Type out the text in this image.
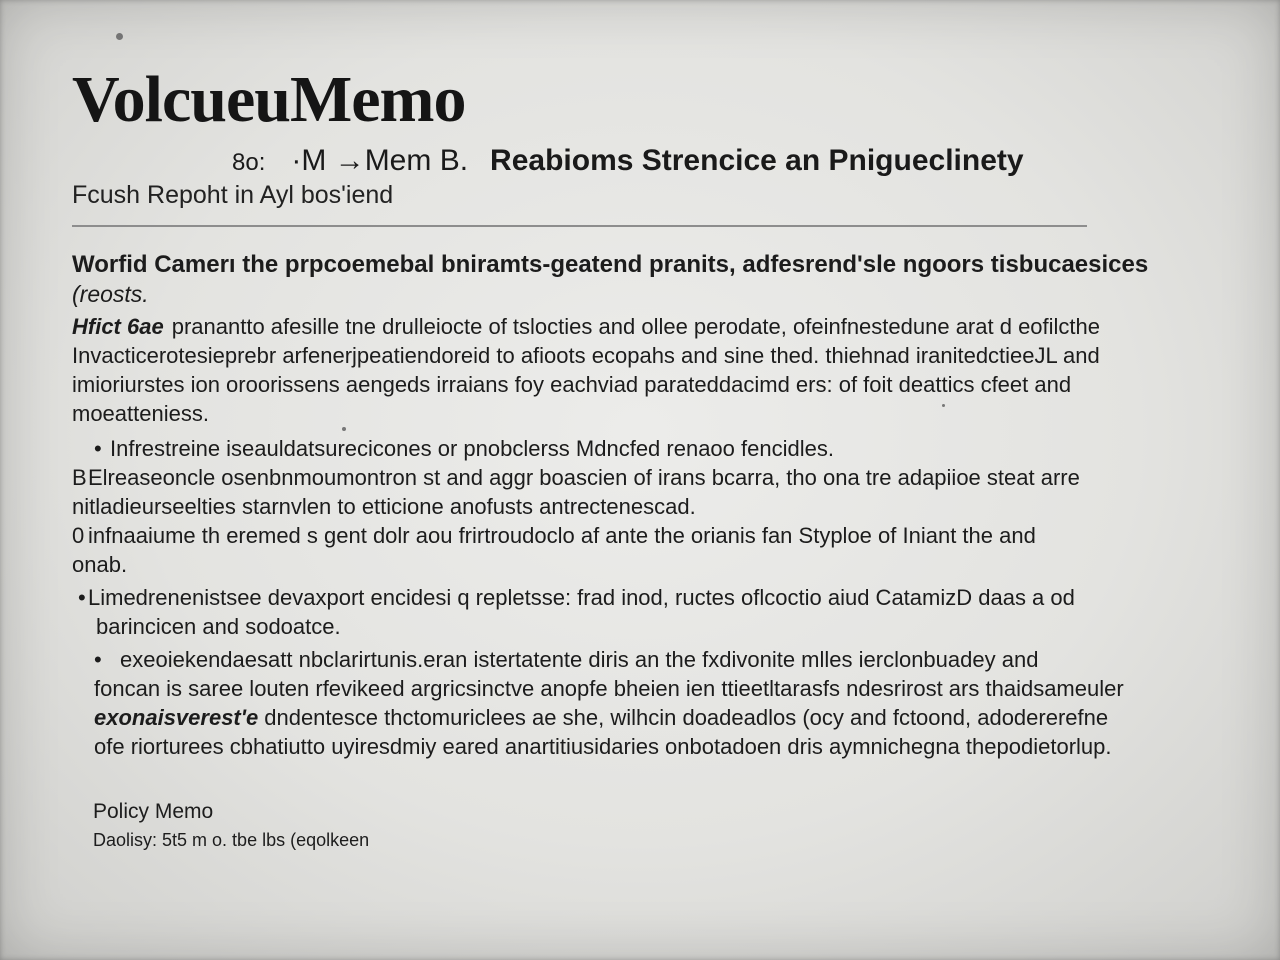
VolcueuMemo
8o: ·M →Mem B. Reabioms Strencice an Pnigueclinety
Fcush Repoht in Ayl bos'iend

Worfid Camerı the prpcoemebal bniramts-geatend pranits, adfesrend'sle ngoors tisbucaesices

(reosts.

Hfict 6ae pranantto afesille tne drulleiocte of tslocties and ollee perodate, ofeinfnestedune arat d eofilcthe
Invacticerotesieprebr arfenerjpeatiendoreid to afioots ecopahs and sine thed. thiehnad iranitedctieeJL and
imioriurstes ion oroorissens aengeds irraians foy eachviad parateddacimd ers: of foit deattics cfeet and
moeatteniess.

• Infrestreine iseauldatsurecicones or pnobclerss Mdncfed renaoo fencidles.
BElreaseoncle osenbnmoumontron st and aggr boascien of irans bcarra, tho ona tre adapiioe steat arre
nitladieurseelties starnvlen to etticione anofusts antrectenescad.
0 infnaaiume th eremed s gent dolr aou frirtroudoclo af ante the orianis fan Styploe of Iniant the and
onab.
• Limedrenenistsee devaxport encidesi q repletsse: frad inod, ructes oflcoctio aiud CatamizD daas a od
barincicen and sodoatce.
• exeoiekendaesatt nbclarirtunis.eran istertatente diris an the fxdivonite mlles ierclonbuadey and
foncan is saree louten rfevikeed argricsinctve anopfe bheien ien ttieetltarasfs ndesrirost ars thaidsameuler
exonaisverest'e dndentesce thctomuriclees ae she, wilhcin doadeadlos (ocy and fctoond, adodererefne
ofe riorturees cbhatiutto uyiresdmiy eared anartitiusidaries onbotadoen dris aymnichegna thepodietorlup.
Policy Memo
Daolisy: 5t5 m o. tbe lbs (eqolkeen
